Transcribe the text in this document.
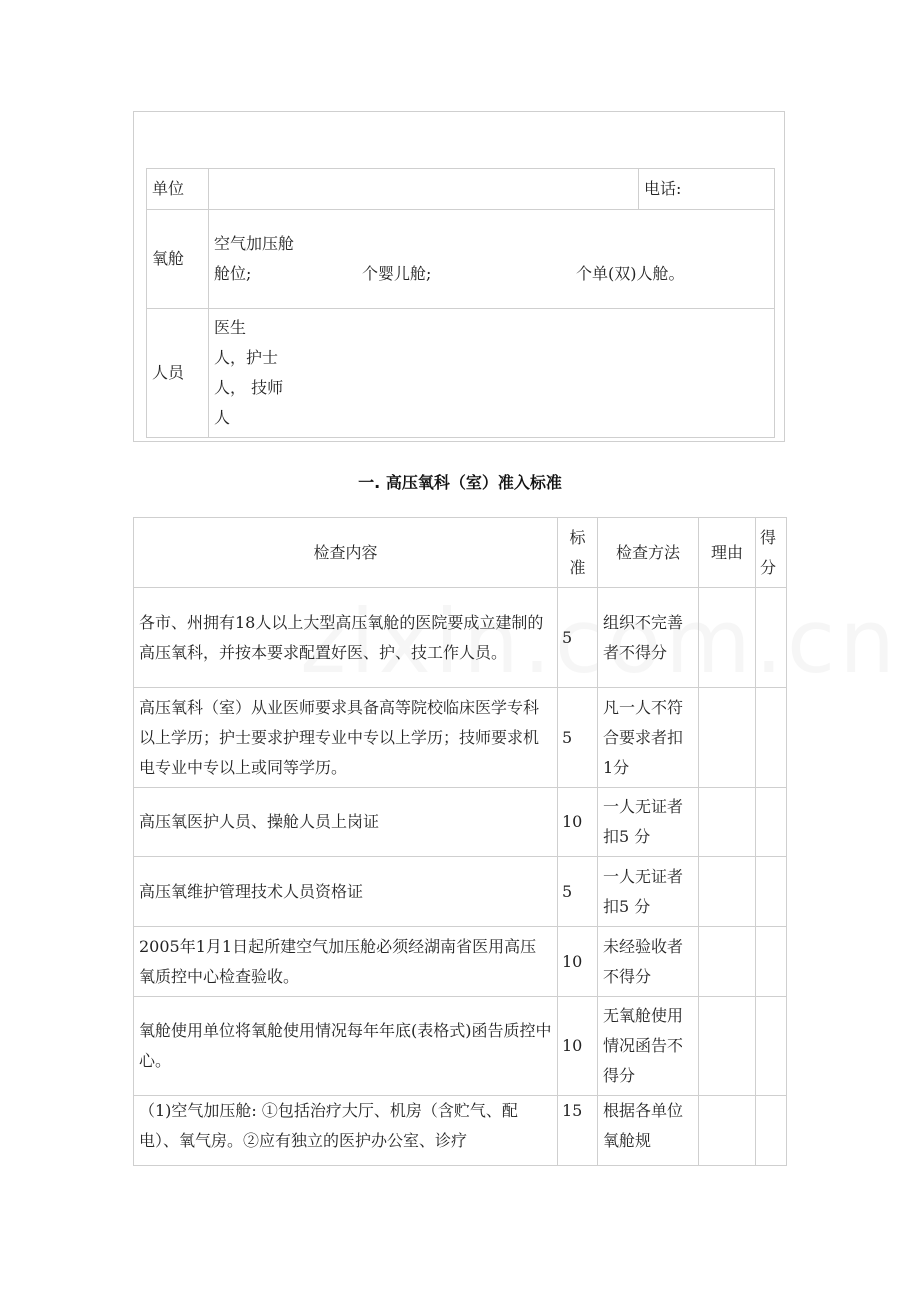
单位		电话:
氧舱	空气加压舱
舱位; 个婴儿舱; 个单(双)人舱。	

人员	医生
人，护士
人， 技师
人	
一. 高压氧科（室）准入标准
检查内容	标准	检查方法	理由	得分
各市、州拥有18人以上大型高压氧舱的医院要成立建制的高压氧科，并按本要求配置好医、护、技工作人员。	5	组织不完善者不得分		
高压氧科（室）从业医师要求具备高等院校临床医学专科以上学历；护士要求护理专业中专以上学历；技师要求机电专业中专以上或同等学历。	5	凡一人不符合要求者扣1分		
高压氧医护人员、操舱人员上岗证	10	一人无证者扣5 分		
高压氧维护管理技术人员资格证	5	一人无证者扣5 分		
2005年1月1日起所建空气加压舱必须经湖南省医用高压氧质控中心检查验收。	10	未经验收者不得分		
氧舱使用单位将氧舱使用情况每年年底(表格式)函告质控中心。	10	无氧舱使用情况函告不得分		
（1)空气加压舱: ①包括治疗大厅、机房（含贮气、配电）、氧气房。②应有独立的医护办公室、诊疗	15	根据各单位氧舱规		
